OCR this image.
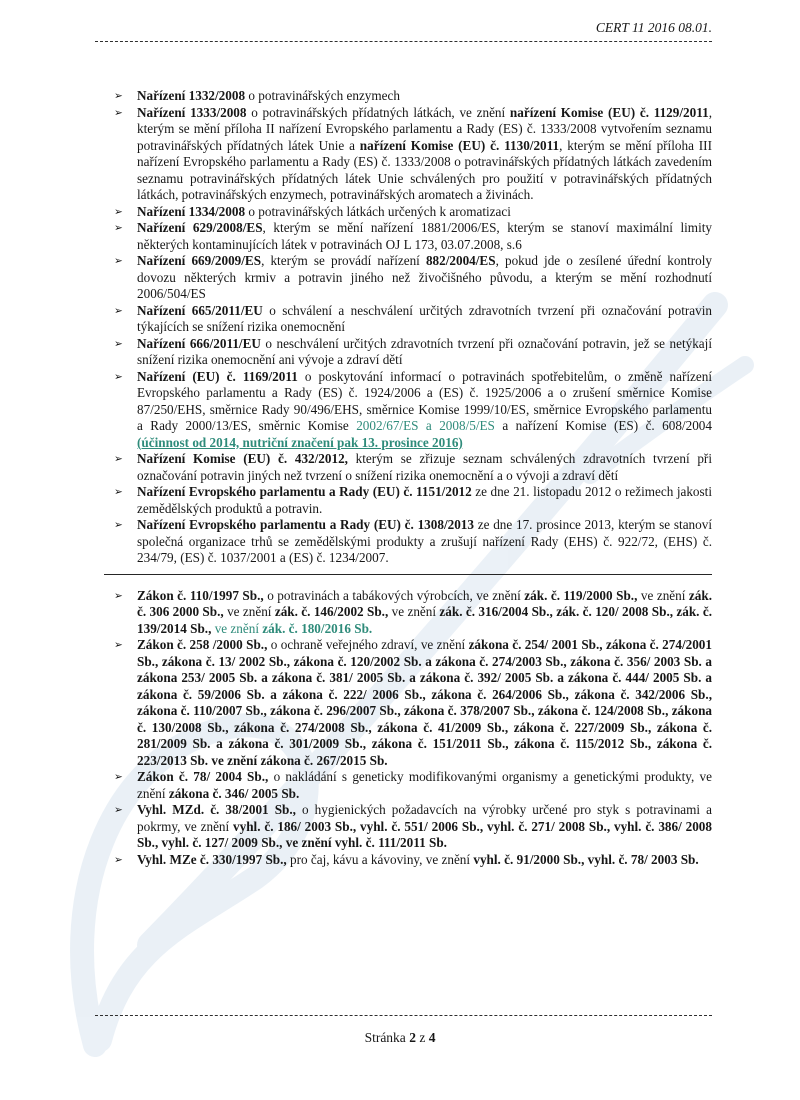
CERT 11 2016 08.01.
➢	Nařízení 1332/2008 o potravinářských enzymech
➢	Nařízení 1333/2008 o potravinářských přídatných látkách, ve znění nařízení Komise (EU) č. 1129/2011, kterým se mění příloha II nařízení Evropského parlamentu a Rady (ES) č. 1333/2008 vytvořením seznamu potravinářských přídatných látek Unie a nařízení Komise (EU) č. 1130/2011, kterým se mění příloha III nařízení Evropského parlamentu a Rady (ES) č. 1333/2008 o potravinářských přídatných látkách zavedením seznamu potravinářských přídatných látek Unie schválených pro použití v potravinářských přídatných látkách, potravinářských enzymech, potravinářských aromatech a živinách.
➢	Nařízení 1334/2008 o potravinářských látkách určených k aromatizaci
➢	Nařízení 629/2008/ES, kterým se mění nařízení 1881/2006/ES, kterým se stanoví maximální limity některých kontaminujících látek v potravinách OJ L 173, 03.07.2008, s.6
➢	Nařízení 669/2009/ES, kterým se provádí nařízení 882/2004/ES, pokud jde o zesílené úřední kontroly dovozu některých krmiv a potravin jiného než živočišného původu, a kterým se mění rozhodnutí 2006/504/ES
➢	Nařízení 665/2011/EU o schválení a neschválení určitých zdravotních tvrzení při označování potravin týkajících se snížení rizika onemocnění
➢	Nařízení 666/2011/EU o neschválení určitých zdravotních tvrzení při označování potravin, jež se netýkají snížení rizika onemocnění ani vývoje a zdraví dětí
➢	Nařízení (EU) č. 1169/2011 o poskytování informací o potravinách spotřebitelům, o změně nařízení Evropského parlamentu a Rady (ES) č. 1924/2006 a (ES) č. 1925/2006 a o zrušení směrnice Komise 87/250/EHS, směrnice Rady 90/496/EHS, směrnice Komise 1999/10/ES, směrnice Evropského parlamentu a Rady 2000/13/ES, směrnic Komise 2002/67/ES a 2008/5/ES a nařízení Komise (ES) č. 608/2004 (účinnost od 2014, nutriční značení pak 13. prosince 2016)
➢	Nařízení Komise (EU) č. 432/2012, kterým se zřizuje seznam schválených zdravotních tvrzení při označování potravin jiných než tvrzení o snížení rizika onemocnění a o vývoji a zdraví dětí
➢	Nařízení Evropského parlamentu a Rady (EU) č. 1151/2012 ze dne 21. listopadu 2012 o režimech jakosti zemědělských produktů a potravin.
➢	Nařízení Evropského parlamentu a Rady (EU) č. 1308/2013 ze dne 17. prosince 2013, kterým se stanoví společná organizace trhů se zemědělskými produkty a zrušují nařízení Rady (EHS) č. 922/72, (EHS) č. 234/79, (ES) č. 1037/2001 a (ES) č. 1234/2007.
➢	Zákon č. 110/1997 Sb., o potravinách a tabákových výrobcích, ve znění zák. č. 119/2000 Sb., ve znění zák. č. 306 2000 Sb., ve znění zák. č. 146/2002 Sb., ve znění zák. č. 316/2004 Sb., zák. č. 120/ 2008 Sb., zák. č. 139/2014 Sb., ve znění zák. č. 180/2016 Sb.
➢	Zákon č. 258 /2000 Sb., o ochraně veřejného zdraví, ve znění zákona č. 254/ 2001 Sb., zákona č. 274/2001 Sb., zákona č. 13/ 2002 Sb., zákona č. 120/2002 Sb. a zákona č. 274/2003 Sb., zákona č. 356/ 2003 Sb. a zákona 253/ 2005 Sb. a zákona č. 381/ 2005 Sb. a zákona č. 392/ 2005 Sb. a zákona č. 444/ 2005 Sb. a zákona č. 59/2006 Sb. a zákona č. 222/ 2006 Sb., zákona č. 264/2006 Sb., zákona č. 342/2006 Sb., zákona č. 110/2007 Sb., zákona č. 296/2007 Sb., zákona č. 378/2007 Sb., zákona č. 124/2008 Sb., zákona č. 130/2008 Sb., zákona č. 274/2008 Sb., zákona č. 41/2009 Sb., zákona č. 227/2009 Sb., zákona č. 281/2009 Sb. a zákona č. 301/2009 Sb., zákona č. 151/2011 Sb., zákona č. 115/2012 Sb., zákona č. 223/2013 Sb. ve znění zákona č. 267/2015 Sb.
➢	Zákon č. 78/ 2004 Sb., o nakládání s geneticky modifikovanými organismy a genetickými produkty, ve znění zákona č. 346/ 2005 Sb.
➢	Vyhl. MZd. č. 38/2001 Sb., o hygienických požadavcích na výrobky určené pro styk s potravinami a pokrmy, ve znění vyhl. č. 186/ 2003 Sb., vyhl. č. 551/ 2006 Sb., vyhl. č. 271/ 2008 Sb., vyhl. č. 386/ 2008 Sb., vyhl. č. 127/ 2009 Sb., ve znění vyhl. č. 111/2011 Sb.
➢	Vyhl. MZe č. 330/1997 Sb., pro čaj, kávu a kávoviny, ve znění vyhl. č. 91/2000 Sb., vyhl. č. 78/ 2003 Sb.
Stránka 2 z 4
